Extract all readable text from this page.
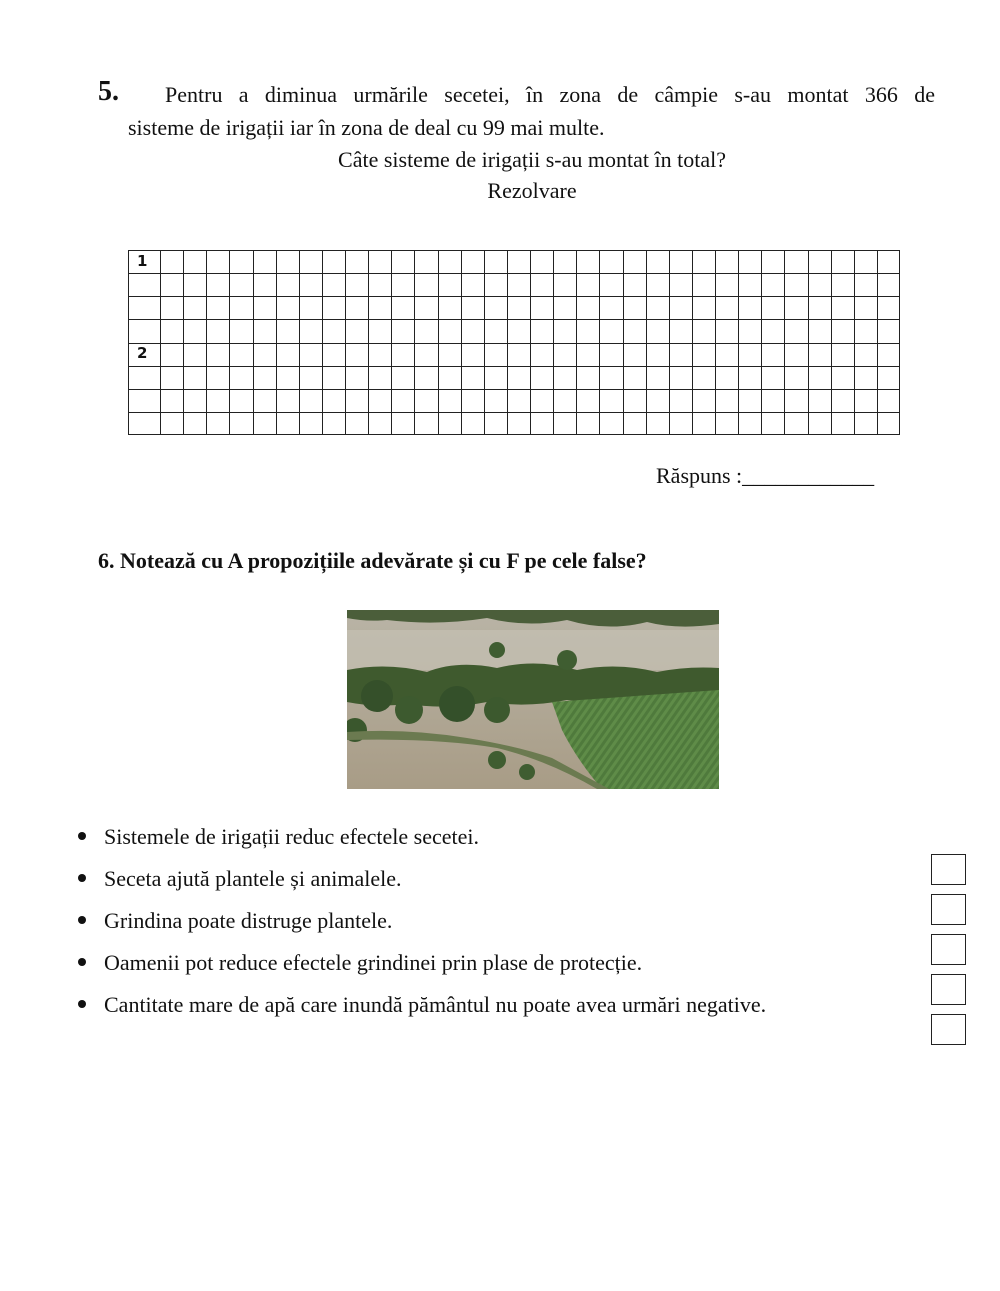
5. Pentru a diminua urmările secetei, în zona de câmpie s-au montat 366 de
sisteme de irigații iar în zona de deal cu 99 mai multe.
Câte sisteme de irigații s-au montat în total?
Rezolvare
1
2
Răspuns :____________
6. Notează cu A propozițiile adevărate și cu F pe cele false?
Sistemele de irigații reduc efectele secetei.
Seceta ajută plantele și animalele.
Grindina poate distruge plantele.
Oamenii pot reduce efectele grindinei prin plase de protecție.
Cantitate mare de apă care inundă pământul nu poate avea urmări negative.
